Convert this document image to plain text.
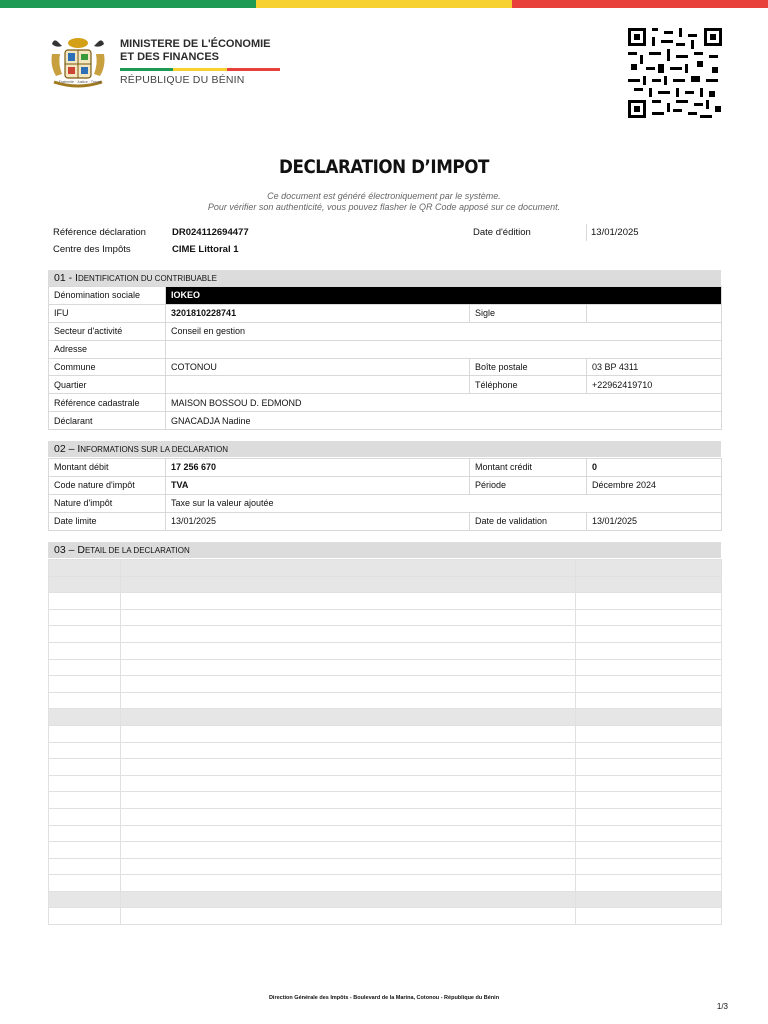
Fraternité · Justice · Travail
MINISTERE DE L'ÉCONOMIE
ET DES FINANCES
RÉPUBLIQUE DU BÉNIN
DECLARATION D’IMPOT
Ce document est généré électroniquement par le système.
Pour vérifier son authenticité, vous pouvez flasher le QR Code apposé sur ce document.
Référence déclaration	DR024112694477	Date d'édition	13/01/2025
Centre des Impôts	CIME Littoral 1
01 - IDENTIFICATION DU CONTRIBUABLE
Dénomination sociale	IOKEO		
IFU	3201810228741	Sigle	
Secteur d'activité	Conseil en gestion		
Adresse			
Commune	COTONOU	Boîte postale	03 BP 4311
Quartier		Téléphone	+22962419710
Référence cadastrale	MAISON BOSSOU D. EDMOND		
Déclarant	GNACADJA Nadine		
02 – INFORMATIONS SUR LA DECLARATION
Montant débit	17 256 670	Montant crédit	0
Code nature d'impôt	TVA	Période	Décembre 2024
Nature d'impôt	Taxe sur la valeur ajoutée		
Date limite	13/01/2025	Date de validation	13/01/2025
03 – DETAIL DE LA DECLARATION

Direction Générale des Impôts - Boulevard de la Marina, Cotonou - République du Bénin
1/3
